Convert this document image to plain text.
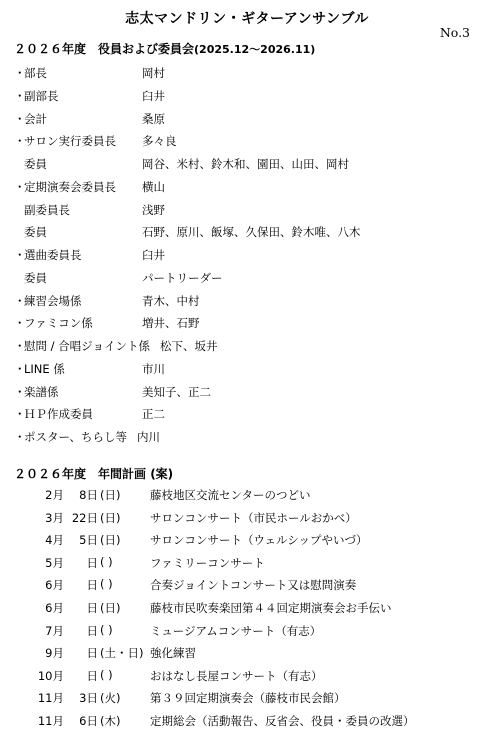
志太マンドリン・ギターアンサンブル
No.3
２０２６年度 役員および委員会(2025.12～2026.11)
・
部長	岡村
・
副部長	臼井
・
会計	桑原
・
サロン実行委員長 多々良
委員	岡谷、米村、鈴木和、園田、山田、岡村
・
定期演奏会委員長 横山
副委員長	浅野
委員	石野、原川、飯塚、久保田、鈴木唯、八木
・
選曲委員長	臼井
委員	パートリーダー
・
練習会場係	青木、中村
・
ファミコン係	増井、石野
・
慰問 / 合唱ジョイント係 松下、坂井
・
LINE 係	市川
・
楽譜係	美知子、正二
・
ＨＰ作成委員	正二
・
ポスター、ちらし等 内川
２０２６年度 年間計画 (案)
2月	8日 (日)	藤枝地区交流センターのつどい
3月 22日 (日)	サロンコンサート（市民ホールおかべ）
4月	5日 (日)	サロンコンサート（ウェルシップやいづ）
5月	日 ( )	ファミリーコンサート
6月	日 ( )	合奏ジョイントコンサート又は慰問演奏
6月	日 (日)	藤枝市民吹奏楽団第４４回定期演奏会お手伝い
7月	日 ( )	ミュージアムコンサート（有志）
9月	日 (土・日) 強化練習
10月	日 ( )	おはなし長屋コンサート（有志）
11月	3日 (火)	第３９回定期演奏会（藤枝市民会館）
11月	6日 (木)	定期総会（活動報告、反省会、役員・委員の改選）
